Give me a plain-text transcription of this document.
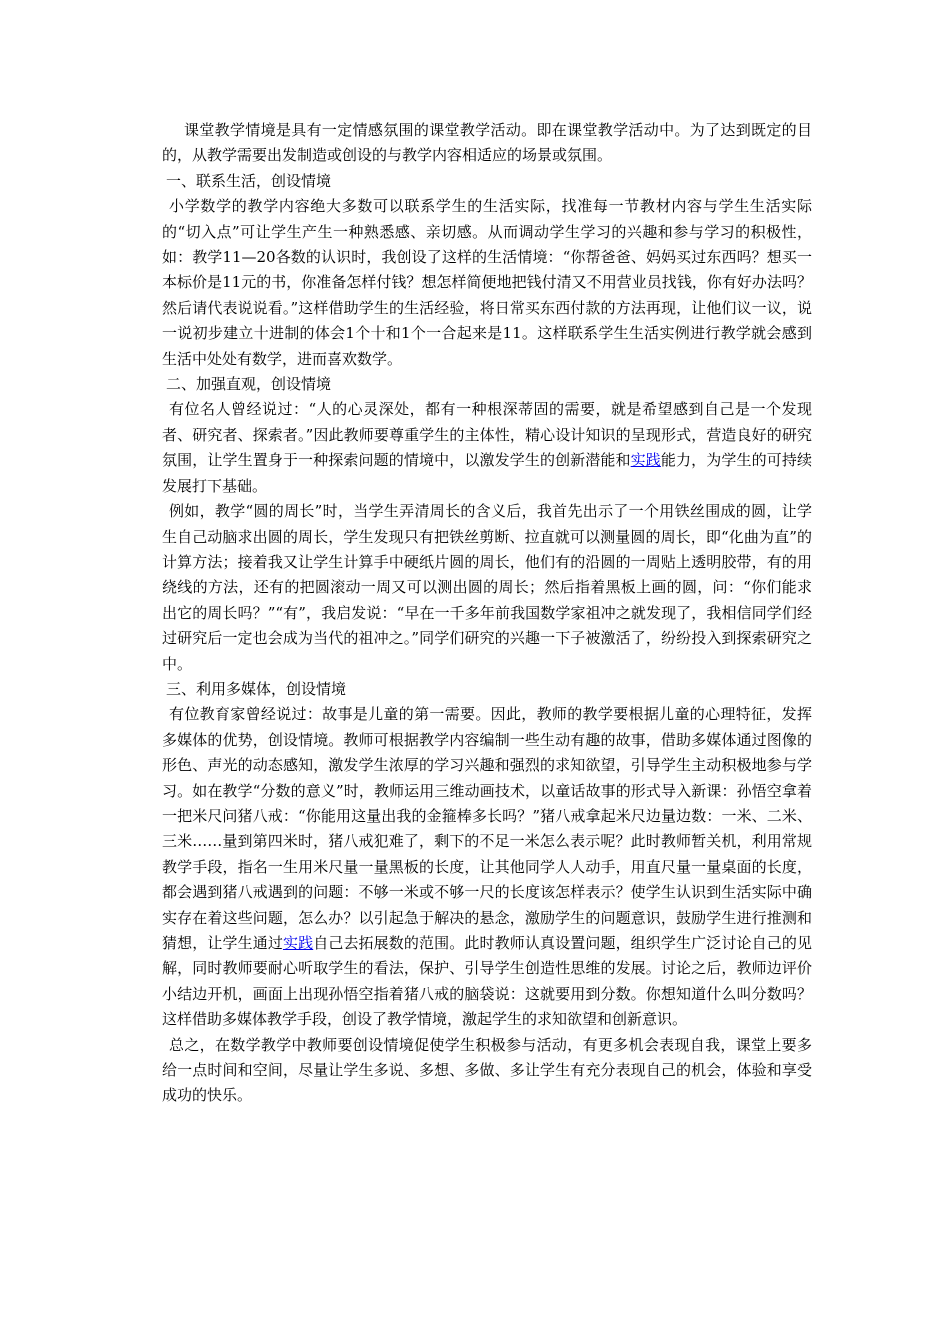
课堂教学情境是具有一定情感氛围的课堂教学活动。即在课堂教学活动中。为了达到既定的目的，从教学需要出发制造或创设的与教学内容相适应的场景或氛围。

一、联系生活，创设情境

小学数学的教学内容绝大多数可以联系学生的生活实际，找准每一节教材内容与学生生活实际的“切入点”可让学生产生一种熟悉感、亲切感。从而调动学生学习的兴趣和参与学习的积极性，如：教学11—20各数的认识时，我创设了这样的生活情境：“你帮爸爸、妈妈买过东西吗？想买一本标价是11元的书，你准备怎样付钱？想怎样简便地把钱付清又不用营业员找钱，你有好办法吗？然后请代表说说看。”这样借助学生的生活经验，将日常买东西付款的方法再现，让他们议一议，说一说初步建立十进制的体会1个十和1个一合起来是11。这样联系学生生活实例进行教学就会感到生活中处处有数学，进而喜欢数学。

二、加强直观，创设情境

有位名人曾经说过：“人的心灵深处，都有一种根深蒂固的需要，就是希望感到自己是一个发现者、研究者、探索者。”因此教师要尊重学生的主体性，精心设计知识的呈现形式，营造良好的研究氛围，让学生置身于一种探索问题的情境中，以激发学生的创新潜能和实践能力，为学生的可持续发展打下基础。

例如，教学“圆的周长”时，当学生弄清周长的含义后，我首先出示了一个用铁丝围成的圆，让学生自己动脑求出圆的周长，学生发现只有把铁丝剪断、拉直就可以测量圆的周长，即“化曲为直”的计算方法；接着我又让学生计算手中硬纸片圆的周长，他们有的沿圆的一周贴上透明胶带，有的用绕线的方法，还有的把圆滚动一周又可以测出圆的周长；然后指着黑板上画的圆，问：“你们能求出它的周长吗？”“有”，我启发说：“早在一千多年前我国数学家祖冲之就发现了，我相信同学们经过研究后一定也会成为当代的祖冲之。”同学们研究的兴趣一下子被激活了，纷纷投入到探索研究之中。

三、利用多媒体，创设情境

有位教育家曾经说过：故事是儿童的第一需要。因此，教师的教学要根据儿童的心理特征，发挥多媒体的优势，创设情境。教师可根据教学内容编制一些生动有趣的故事，借助多媒体通过图像的形色、声光的动态感知，激发学生浓厚的学习兴趣和强烈的求知欲望，引导学生主动积极地参与学习。如在教学“分数的意义”时，教师运用三维动画技术，以童话故事的形式导入新课：孙悟空拿着一把米尺问猪八戒：“你能用这量出我的金箍棒多长吗？”猪八戒拿起米尺边量边数：一米、二米、三米……量到第四米时，猪八戒犯难了，剩下的不足一米怎么表示呢？此时教师暂关机，利用常规教学手段，指名一生用米尺量一量黑板的长度，让其他同学人人动手，用直尺量一量桌面的长度，都会遇到猪八戒遇到的问题：不够一米或不够一尺的长度该怎样表示？使学生认识到生活实际中确实存在着这些问题，怎么办？以引起急于解决的悬念，激励学生的问题意识，鼓励学生进行推测和猜想，让学生通过实践自己去拓展数的范围。此时教师认真设置问题，组织学生广泛讨论自己的见解，同时教师要耐心听取学生的看法，保护、引导学生创造性思维的发展。讨论之后，教师边评价小结边开机，画面上出现孙悟空指着猪八戒的脑袋说：这就要用到分数。你想知道什么叫分数吗？这样借助多媒体教学手段，创设了教学情境，激起学生的求知欲望和创新意识。

总之，在数学教学中教师要创设情境促使学生积极参与活动，有更多机会表现自我，课堂上要多给一点时间和空间，尽量让学生多说、多想、多做、多让学生有充分表现自己的机会，体验和享受成功的快乐。
